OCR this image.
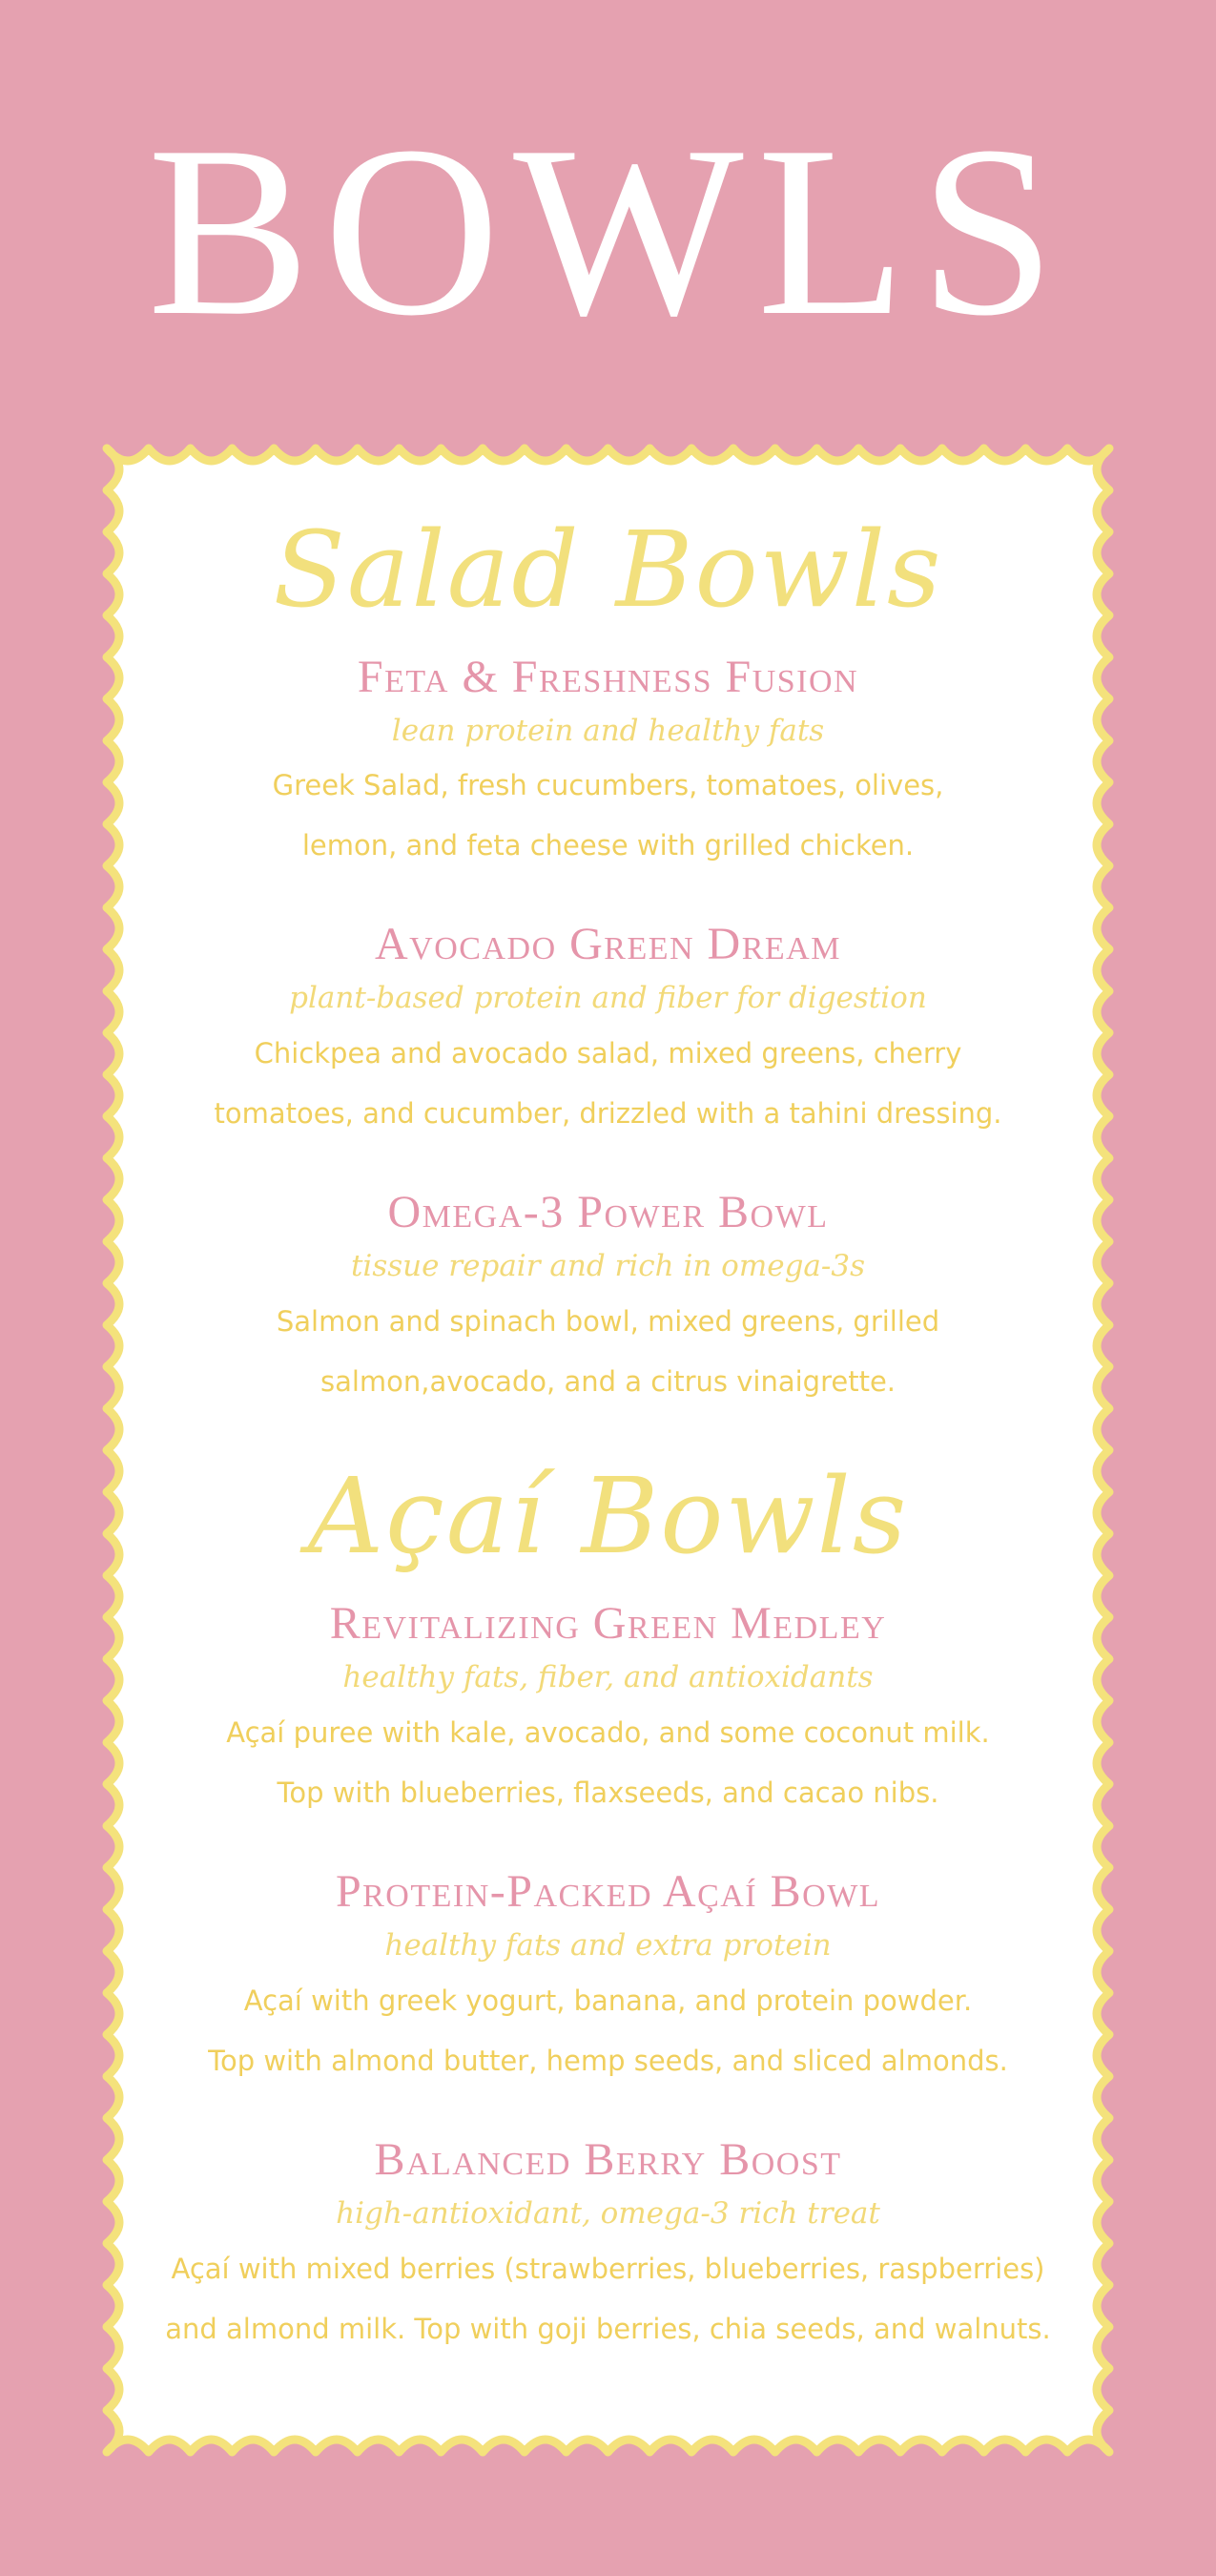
BOWLS
Salad Bowls
Feta & Freshness Fusion
lean protein and healthy fats
Greek Salad, fresh cucumbers, tomatoes, olives,
lemon, and feta cheese with grilled chicken.
Avocado Green Dream
plant-based protein and fiber for digestion
Chickpea and avocado salad, mixed greens, cherry
tomatoes, and cucumber, drizzled with a tahini dressing.
Omega-3 Power Bowl
tissue repair and rich in omega-3s
Salmon and spinach bowl, mixed greens, grilled
salmon,avocado, and a citrus vinaigrette.
Açaí Bowls
Revitalizing Green Medley
healthy fats, fiber, and antioxidants
Açaí puree with kale, avocado, and some coconut milk.
Top with blueberries, flaxseeds, and cacao nibs.
Protein-Packed Açaí Bowl
healthy fats and extra protein
Açaí with greek yogurt, banana, and protein powder.
Top with almond butter, hemp seeds, and sliced almonds.
Balanced Berry Boost
high-antioxidant, omega-3 rich treat
Açaí with mixed berries (strawberries, blueberries, raspberries)
and almond milk. Top with goji berries, chia seeds, and walnuts.
